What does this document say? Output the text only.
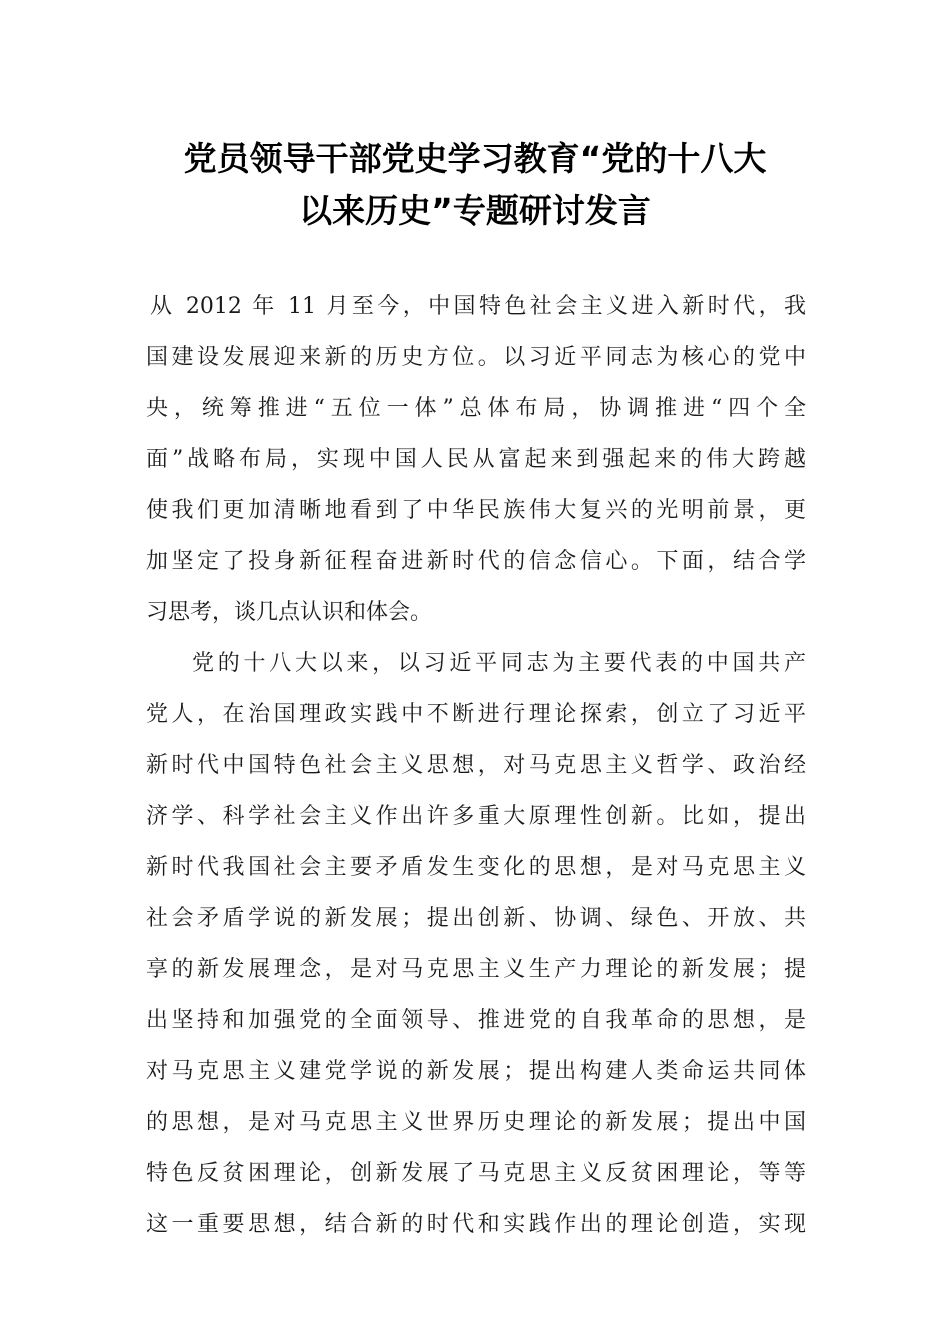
党员领导干部党史学习教育“党的十八大
以来历史”专题研讨发言
从 2012 年 11 月至今，中国特色社会主义进入新时代，我
国建设发展迎来新的历史方位。以习近平同志为核心的党中
央，统筹推进“五位一体”总体布局，协调推进“四个全
面”战略布局，实现中国人民从富起来到强起来的伟大跨越
使我们更加清晰地看到了中华民族伟大复兴的光明前景，更
加坚定了投身新征程奋进新时代的信念信心。下面，结合学
习思考，谈几点认识和体会。
党的十八大以来，以习近平同志为主要代表的中国共产
党人，在治国理政实践中不断进行理论探索，创立了习近平
新时代中国特色社会主义思想，对马克思主义哲学、政治经
济学、科学社会主义作出许多重大原理性创新。比如，提出
新时代我国社会主要矛盾发生变化的思想，是对马克思主义
社会矛盾学说的新发展；提出创新、协调、绿色、开放、共
享的新发展理念，是对马克思主义生产力理论的新发展；提
出坚持和加强党的全面领导、推进党的自我革命的思想，是
对马克思主义建党学说的新发展；提出构建人类命运共同体
的思想，是对马克思主义世界历史理论的新发展；提出中国
特色反贫困理论，创新发展了马克思主义反贫困理论，等等
这一重要思想，结合新的时代和实践作出的理论创造，实现
